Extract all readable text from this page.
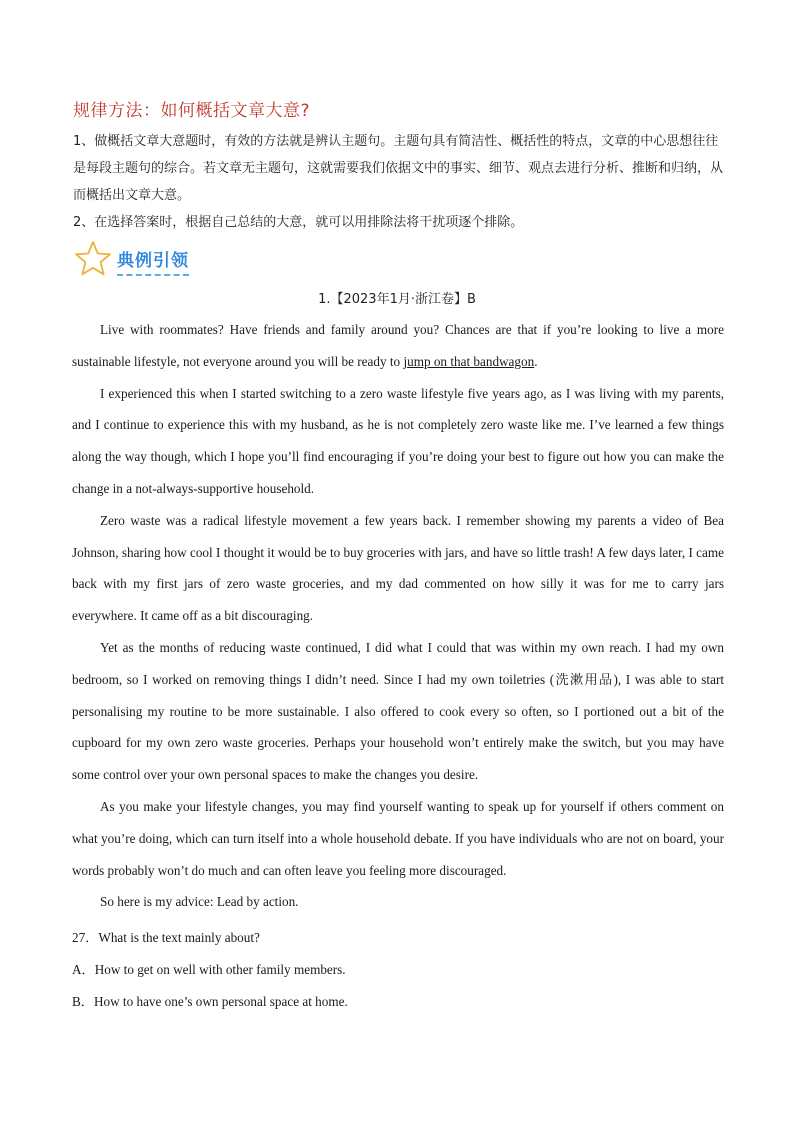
规律方法：如何概括文章大意?
1、做概括文章大意题时，有效的方法就是辨认主题句。主题句具有简洁性、概括性的特点，文章的中心思想往往是每段主题句的综合。若文章无主题句，这就需要我们依据文中的事实、细节、观点去进行分析、推断和归纳，从而概括出文章大意。
2、在选择答案时，根据自己总结的大意，就可以用排除法将干扰项逐个排除。
典例引领
1.【2023年1月·浙江卷】B

Live with roommates? Have friends and family around you? Chances are that if you’re looking to live a more sustainable lifestyle, not everyone around you will be ready to jump on that bandwagon.

I experienced this when I started switching to a zero waste lifestyle five years ago, as I was living with my parents, and I continue to experience this with my husband, as he is not completely zero waste like me. I’ve learned a few things along the way though, which I hope you’ll find encouraging if you’re doing your best to figure out how you can make the change in a not-always-supportive household.

Zero waste was a radical lifestyle movement a few years back. I remember showing my parents a video of Bea Johnson, sharing how cool I thought it would be to buy groceries with jars, and have so little trash! A few days later, I came back with my first jars of zero waste groceries, and my dad commented on how silly it was for me to carry jars everywhere. It came off as a bit discouraging.

Yet as the months of reducing waste continued, I did what I could that was within my own reach. I had my own bedroom, so I worked on removing things I didn’t need. Since I had my own toiletries (洗漱用品), I was able to start personalising my routine to be more sustainable. I also offered to cook every so often, so I portioned out a bit of the cupboard for my own zero waste groceries. Perhaps your household won’t entirely make the switch, but you may have some control over your own personal spaces to make the changes you desire.

As you make your lifestyle changes, you may find yourself wanting to speak up for yourself if others comment on what you’re doing, which can turn itself into a whole household debate. If you have individuals who are not on board, your words probably won’t do much and can often leave you feeling more discouraged.

So here is my advice: Lead by action.

27．What is the text mainly about?
A．How to get on well with other family members.
B．How to have one’s own personal space at home.
